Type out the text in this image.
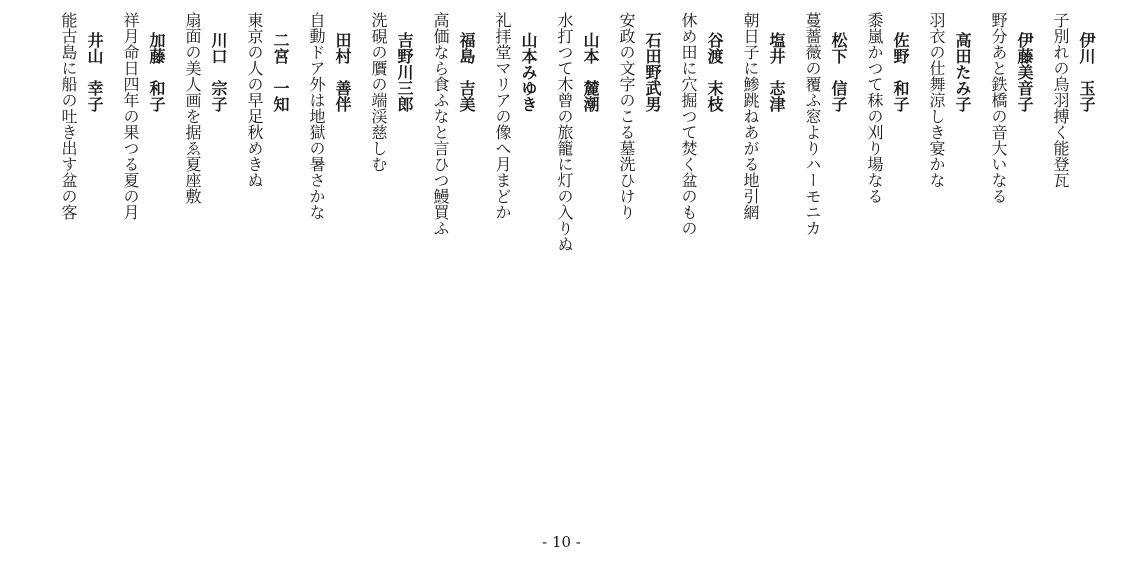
伊川　玉子
子別れの烏羽搏く能登瓦
伊藤美音子
野分あと鉄橋の音大いなる
高田たみ子
羽衣の仕舞涼しき宴かな
佐野　和子
黍嵐かつて秣の刈り場なる
松下　信子
蔓薔薇の覆ふ窓よりハーモニカ
塩井　志津
朝日子に鯵跳ねあがる地引網
谷渡　末枝
休め田に穴掘つて焚く盆のもの
石田野武男
安政の文字のこる墓洗ひけり
山本　麓潮
水打つて木曾の旅籠に灯の入りぬ
山本みゆき
礼拝堂マリアの像へ月まどか
福島　吉美
高価なら食ふなと言ひつ鰻買ふ
吉野川三郎
洗硯の贋の端渓慈しむ
田村　善伴
自動ドア外は地獄の暑さかな
二宮　一知
東京の人の早足秋めきぬ
川口　宗子
扇面の美人画を据ゑ夏座敷
加藤　和子
祥月命日四年の果つる夏の月
井山　幸子
能古島に船の吐き出す盆の客
- 10 -
